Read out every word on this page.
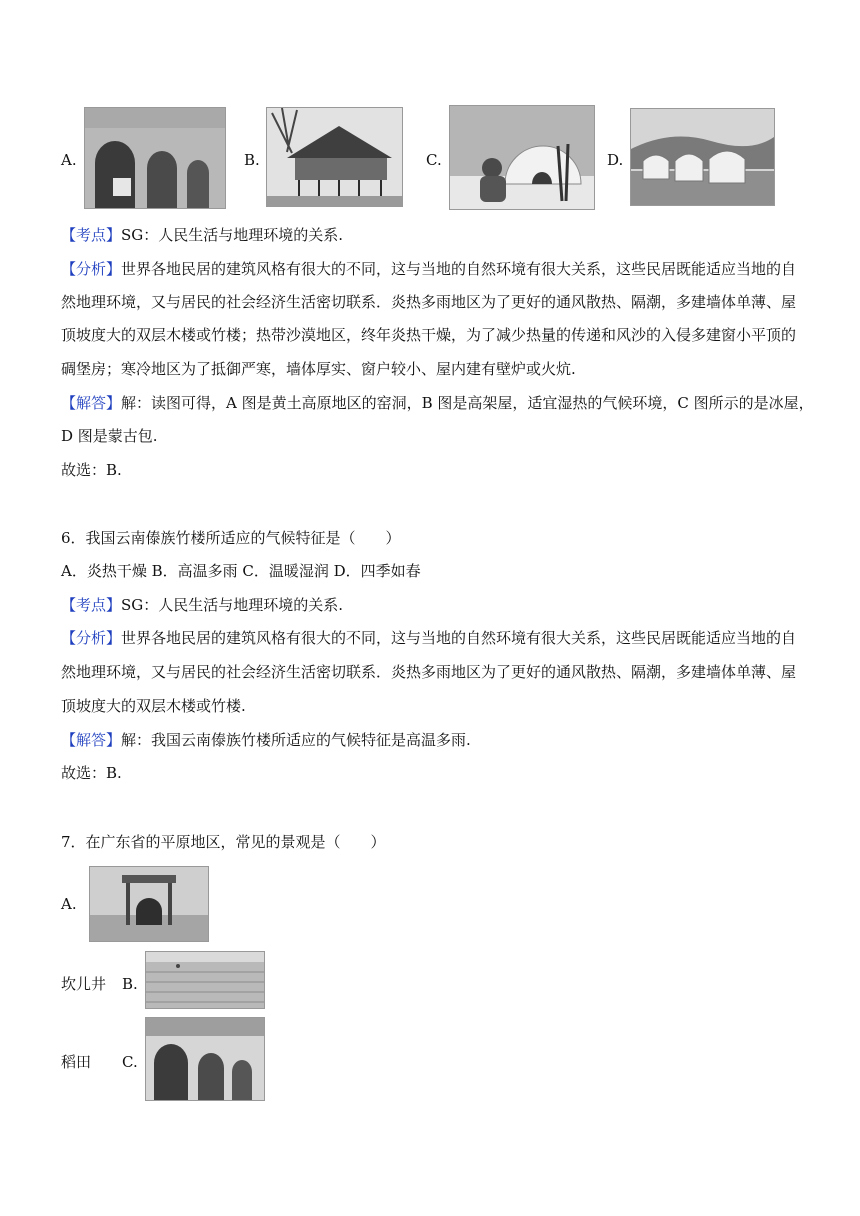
A.	B.	C.	D.
【考点】SG：人民生活与地理环境的关系.
【分析】世界各地民居的建筑风格有很大的不同，这与当地的自然环境有很大关系，这些民居既能适应当地的自
然地理环境，又与居民的社会经济生活密切联系．炎热多雨地区为了更好的通风散热、隔潮，多建墙体单薄、屋
顶坡度大的双层木楼或竹楼；热带沙漠地区，终年炎热干燥，为了减少热量的传递和风沙的入侵多建窗小平顶的
碉堡房；寒冷地区为了抵御严寒，墙体厚实、窗户较小、屋内建有壁炉或火炕.
【解答】解：读图可得，A 图是黄土高原地区的窑洞，B 图是高架屋，适宜湿热的气候环境，C 图所示的是冰屋，
D 图是蒙古包.
故选：B.
6．我国云南傣族竹楼所适应的气候特征是（　　）
A．炎热干燥 B．高温多雨 C．温暖湿润 D．四季如春
【考点】SG：人民生活与地理环境的关系.
【分析】世界各地民居的建筑风格有很大的不同，这与当地的自然环境有很大关系，这些民居既能适应当地的自
然地理环境，又与居民的社会经济生活密切联系．炎热多雨地区为了更好的通风散热、隔潮，多建墙体单薄、屋
顶坡度大的双层木楼或竹楼.
【解答】解：我国云南傣族竹楼所适应的气候特征是高温多雨.
故选：B.
7．在广东省的平原地区，常见的景观是（　　）
A.
坎儿井 B.
稻田 C.
